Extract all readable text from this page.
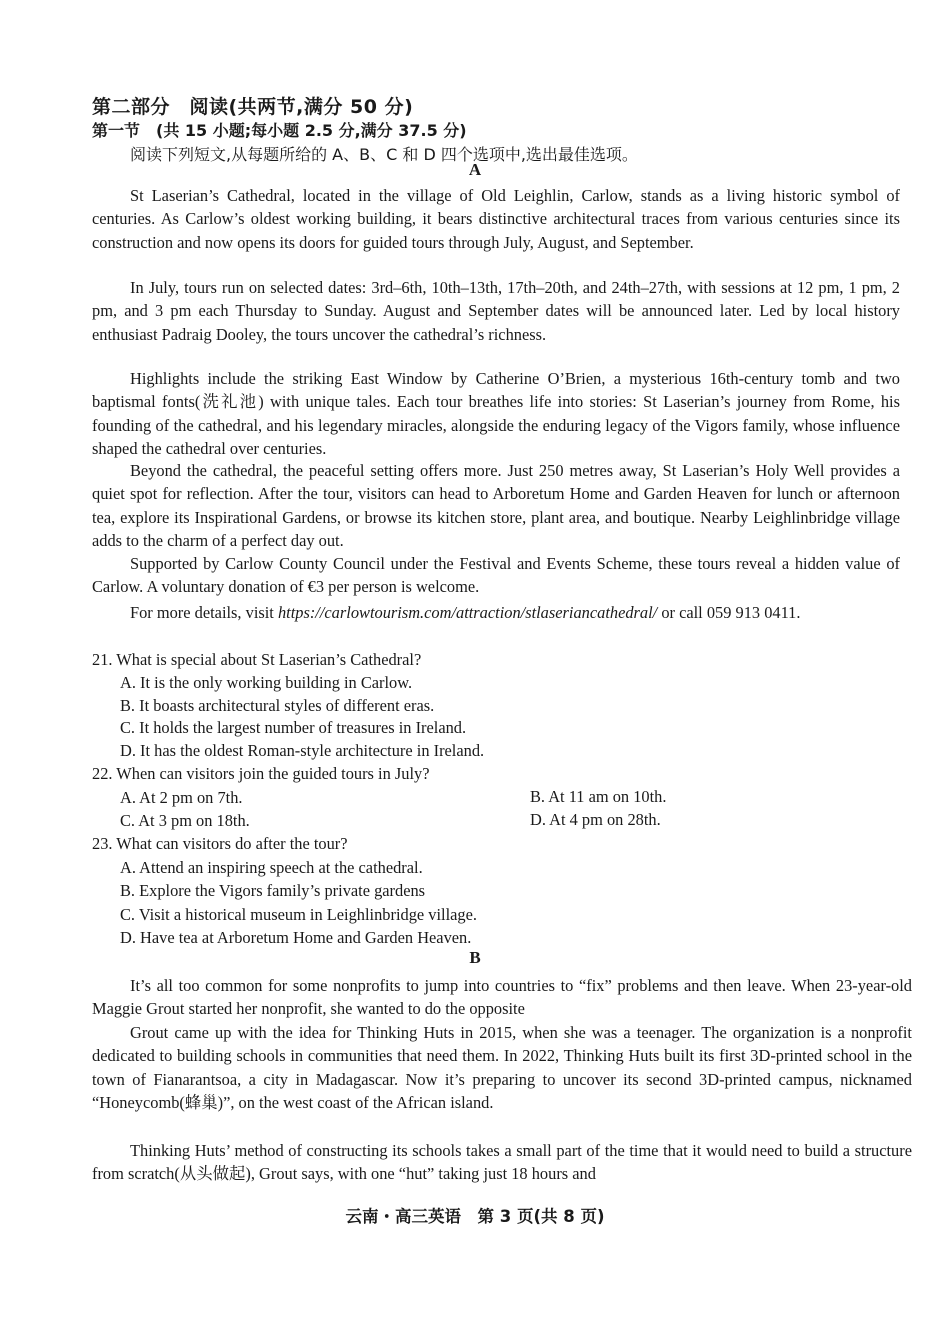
第二部分　阅读(共两节,满分 50 分)
第一节　(共 15 小题;每小题 2.5 分,满分 37.5 分)
阅读下列短文,从每题所给的 A、B、C 和 D 四个选项中,选出最佳选项。
A
St Laserian’s Cathedral, located in the village of Old Leighlin, Carlow, stands as a living historic symbol of centuries. As Carlow’s oldest working building, it bears distinctive architectural traces from various centuries since its construction and now opens its doors for guided tours through July, August, and September.
In July, tours run on selected dates: 3rd–6th, 10th–13th, 17th–20th, and 24th–27th, with sessions at 12 pm, 1 pm, 2 pm, and 3 pm each Thursday to Sunday. August and September dates will be announced later. Led by local history enthusiast Padraig Dooley, the tours uncover the cathedral’s richness.
Highlights include the striking East Window by Catherine O’Brien, a mysterious 16th-century tomb and two baptismal fonts(洗礼池) with unique tales. Each tour breathes life into stories: St Laserian’s journey from Rome, his founding of the cathedral, and his legendary miracles, alongside the enduring legacy of the Vigors family, whose influence shaped the cathedral over centuries.
Beyond the cathedral, the peaceful setting offers more. Just 250 metres away, St Laserian’s Holy Well provides a quiet spot for reflection. After the tour, visitors can head to Arboretum Home and Garden Heaven for lunch or afternoon tea, explore its Inspirational Gardens, or browse its kitchen store, plant area, and boutique. Nearby Leighlinbridge village adds to the charm of a perfect day out.
Supported by Carlow County Council under the Festival and Events Scheme, these tours reveal a hidden value of Carlow. A voluntary donation of €3 per person is welcome.
For more details, visit https://carlowtourism.com/attraction/stlaseriancathedral/ or call 059 913 0411.
21. What is special about St Laserian’s Cathedral?
A. It is the only working building in Carlow.
B. It boasts architectural styles of different eras.
C. It holds the largest number of treasures in Ireland.
D. It has the oldest Roman-style architecture in Ireland.
22. When can visitors join the guided tours in July?
A. At 2 pm on 7th.	B. At 11 am on 10th.
C. At 3 pm on 18th.	D. At 4 pm on 28th.
23. What can visitors do after the tour?
A. Attend an inspiring speech at the cathedral.
B. Explore the Vigors family’s private gardens
C. Visit a historical museum in Leighlinbridge village.
D. Have tea at Arboretum Home and Garden Heaven.
B
It’s all too common for some nonprofits to jump into countries to “fix” problems and then leave. When 23-year-old Maggie Grout started her nonprofit, she wanted to do the opposite
Grout came up with the idea for Thinking Huts in 2015, when she was a teenager. The organization is a nonprofit dedicated to building schools in communities that need them. In 2022, Thinking Huts built its first 3D-printed school in the town of Fianarantsoa, a city in Madagascar. Now it’s preparing to uncover its second 3D-printed campus, nicknamed “Honeycomb(蜂巢)”, on the west coast of the African island.
Thinking Huts’ method of constructing its schools takes a small part of the time that it would need to build a structure from scratch(从头做起), Grout says, with one “hut” taking just 18 hours and
云南・高三英语　第 3 页(共 8 页)
